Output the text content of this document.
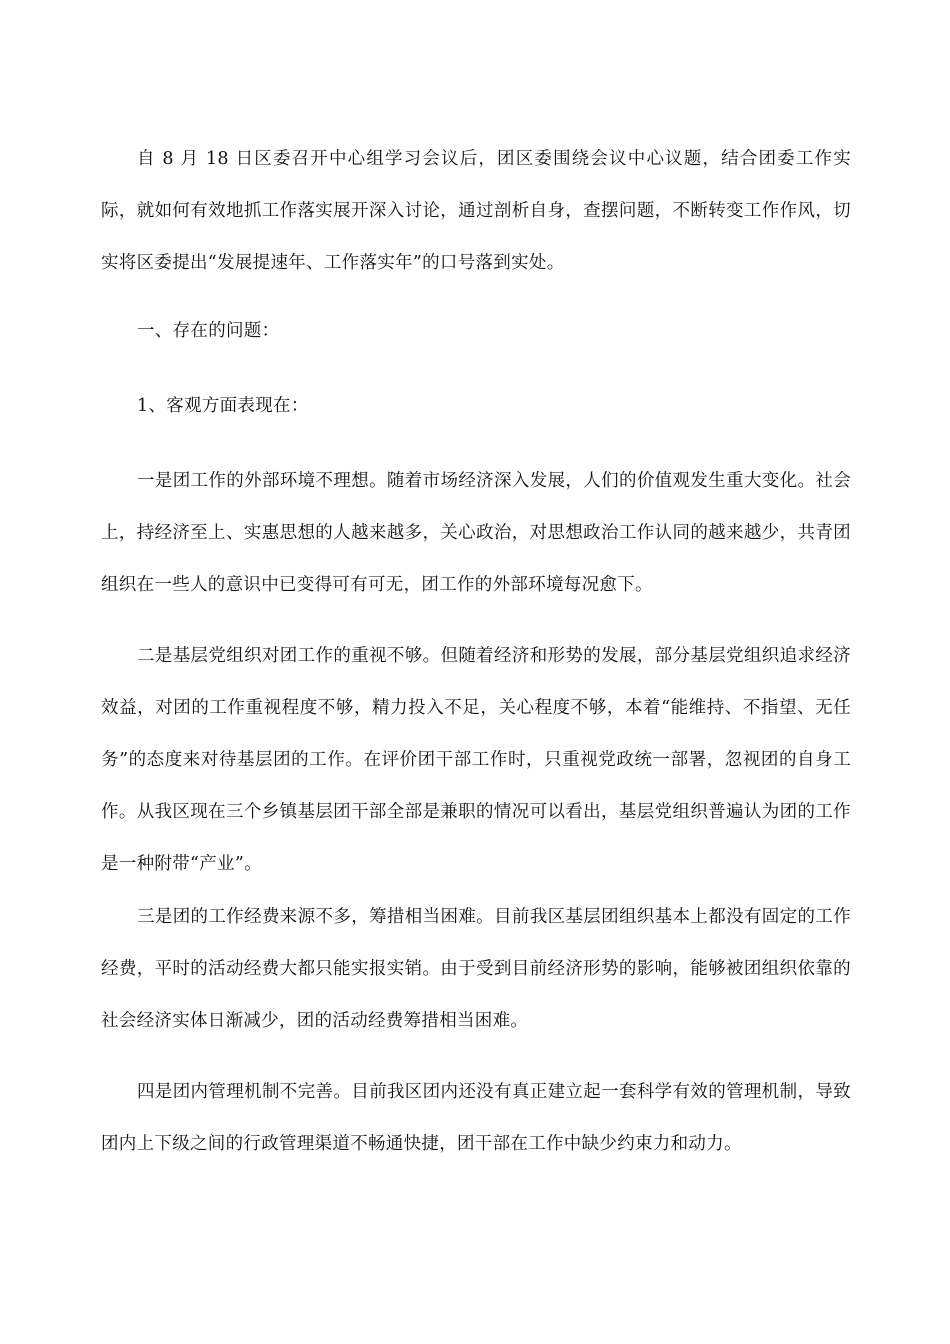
自 8 月 18 日区委召开中心组学习会议后，团区委围绕会议中心议题，结合团委工作实际，就如何有效地抓工作落实展开深入讨论，通过剖析自身，查摆问题，不断转变工作作风，切实将区委提出“发展提速年、工作落实年”的口号落到实处。

一、存在的问题：

1、客观方面表现在：

一是团工作的外部环境不理想。随着市场经济深入发展，人们的价值观发生重大变化。社会上，持经济至上、实惠思想的人越来越多，关心政治，对思想政治工作认同的越来越少，共青团组织在一些人的意识中已变得可有可无，团工作的外部环境每况愈下。

二是基层党组织对团工作的重视不够。但随着经济和形势的发展，部分基层党组织追求经济效益，对团的工作重视程度不够，精力投入不足，关心程度不够，本着“能维持、不指望、无任务”的态度来对待基层团的工作。在评价团干部工作时，只重视党政统一部署，忽视团的自身工作。从我区现在三个乡镇基层团干部全部是兼职的情况可以看出，基层党组织普遍认为团的工作是一种附带“产业”。

三是团的工作经费来源不多，筹措相当困难。目前我区基层团组织基本上都没有固定的工作经费，平时的活动经费大都只能实报实销。由于受到目前经济形势的影响，能够被团组织依靠的社会经济实体日渐减少，团的活动经费筹措相当困难。

四是团内管理机制不完善。目前我区团内还没有真正建立起一套科学有效的管理机制，导致团内上下级之间的行政管理渠道不畅通快捷，团干部在工作中缺少约束力和动力。
